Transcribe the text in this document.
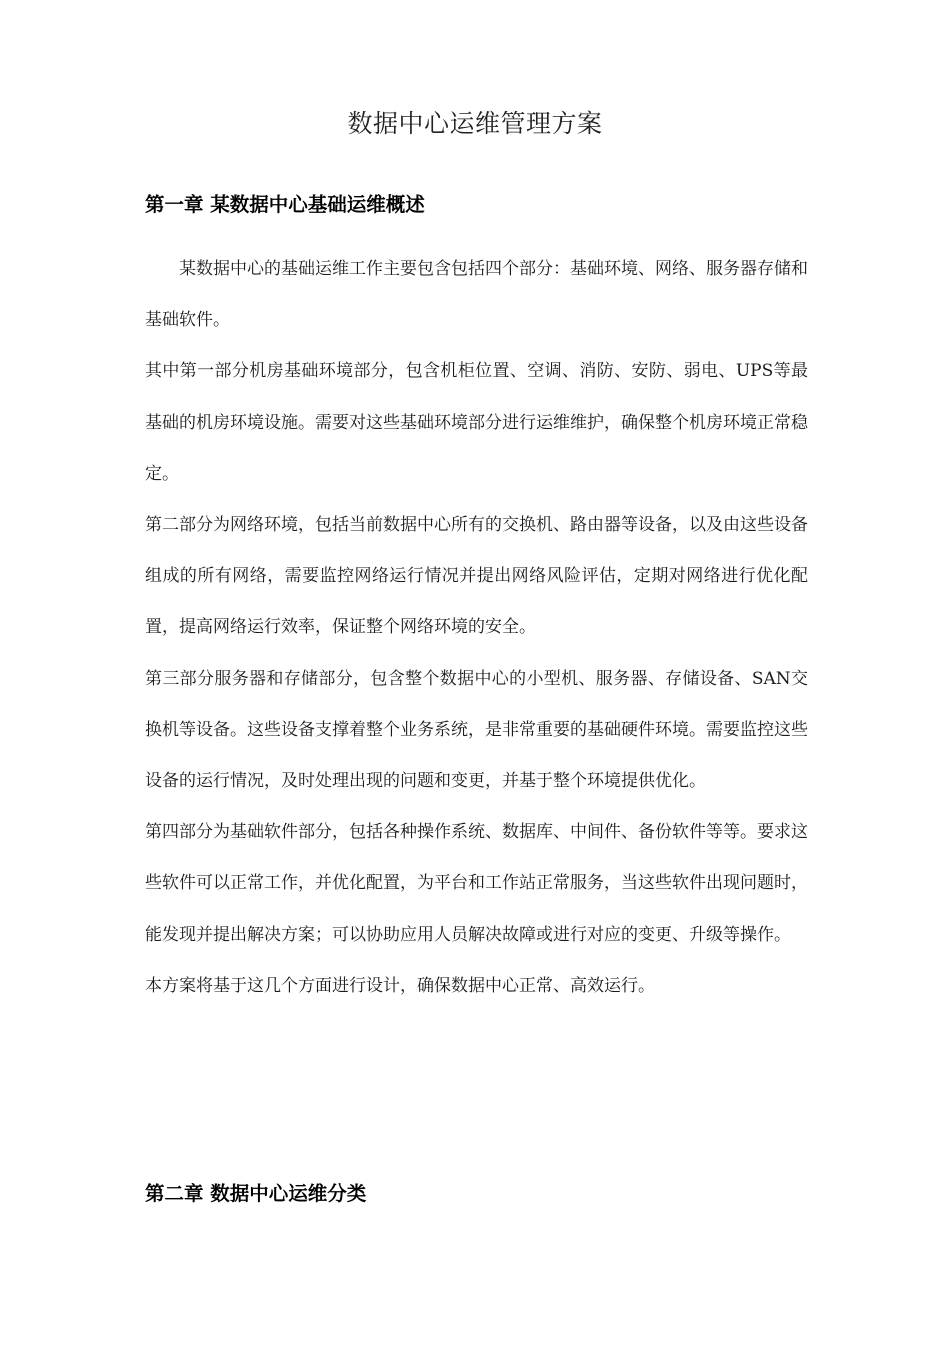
数据中心运维管理方案
第一章 某数据中心基础运维概述

某数据中心的基础运维工作主要包含包括四个部分：基础环境、网络、服务器存储和基础软件。

其中第一部分机房基础环境部分，包含机柜位置、空调、消防、安防、弱电、UPS等最基础的机房环境设施。需要对这些基础环境部分进行运维维护，确保整个机房环境正常稳定。

第二部分为网络环境，包括当前数据中心所有的交换机、路由器等设备，以及由这些设备组成的所有网络，需要监控网络运行情况并提出网络风险评估，定期对网络进行优化配置，提高网络运行效率，保证整个网络环境的安全。

第三部分服务器和存储部分，包含整个数据中心的小型机、服务器、存储设备、SAN交换机等设备。这些设备支撑着整个业务系统，是非常重要的基础硬件环境。需要监控这些设备的运行情况，及时处理出现的问题和变更，并基于整个环境提供优化。

第四部分为基础软件部分，包括各种操作系统、数据库、中间件、备份软件等等。要求这些软件可以正常工作，并优化配置，为平台和工作站正常服务，当这些软件出现问题时，能发现并提出解决方案；可以协助应用人员解决故障或进行对应的变更、升级等操作。

本方案将基于这几个方面进行设计，确保数据中心正常、高效运行。

第二章 数据中心运维分类
